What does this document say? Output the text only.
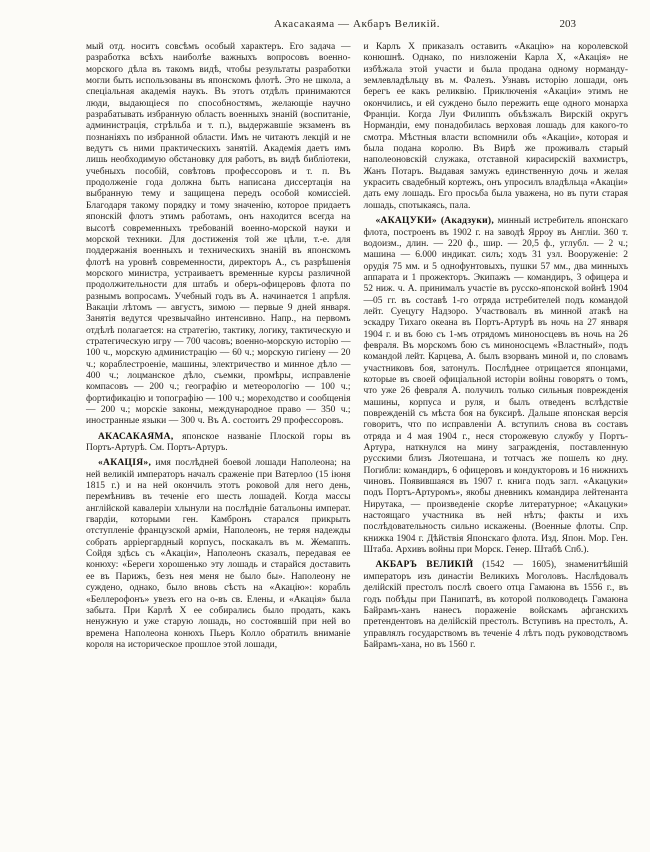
Акасакаяма — Акбаръ Великій.	203

мый отд. носитъ совсѣмъ особый характеръ. Его задача — разработка всѣхъ наиболѣе важныхъ вопросовъ военно-морского дѣла въ такомъ видѣ, чтобы результаты разработки могли быть использованы въ японскомъ флотѣ. Это не школа, а спеціальная академія наукъ. Въ этотъ отдѣлъ принимаются люди, выдающіеся по способностямъ, желающіе научно разрабатывать избранную область военныхъ знаній (воспитаніе, администрація, стрѣльба и т. п.), выдержавшіе экзаменъ въ познаніяхъ по избранной области. Имъ не читаютъ лекцій и не ведутъ съ ними практическихъ занятій. Академія даетъ имъ лишь необходимую обстановку для работъ, въ видѣ библіотеки, учебныхъ пособій, совѣтовъ профессоровъ и т. п. Въ продолженіе года должна быть написана диссертація на выбранную тему и защищена передъ особой комиссіей. Благодаря такому порядку и тому значенію, которое придаетъ японскій флотъ этимъ работамъ, онъ находится всегда на высотѣ современныхъ требованій военно-морской науки и морской техники. Для достиженія той же цѣли, т.-е. для поддержанія военныхъ и техническихъ знаній въ японскомъ флотѣ на уровнѣ современности, директоръ А., съ разрѣшенія морского министра, устраиваетъ временные курсы различной продолжительности для штабъ и оберъ-офицеровъ флота по разнымъ вопросамъ. Учебный годъ въ А. начинается 1 апрѣля. Вакаціи лѣтомъ — августъ, зимою — первые 9 дней января. Занятія ведутся чрезвычайно интенсивно. Напр., на первомъ отдѣлѣ полагается: на стратегію, тактику, логику, тактическую и стратегическую игру — 700 часовъ; военно-морскую исторію — 100 ч., морскую администрацію — 60 ч.; морскую гигіену — 20 ч.; кораблестроеніе, машины, электричество и минное дѣло — 400 ч.; лоцманское дѣло, съемки, промѣры, исправленіе компасовъ — 200 ч.; географію и метеорологію — 100 ч.; фортификацію и топографію — 100 ч.; мореходство и сообщенія — 200 ч.; морскіе законы, международное право — 350 ч.; иностранные языки — 300 ч. Въ А. состоитъ 29 профессоровъ.

АКАСАКАЯМА, японское названіе Плоской горы въ Портъ-Артурѣ. См. Портъ-Артуръ.

«АКАЦІЯ», имя послѣдней боевой лошади Наполеона; на ней великій императоръ началъ сраженіе при Ватерлоо (15 іюня 1815 г.) и на ней окончилъ этотъ роковой для него день, перемѣнивъ въ теченіе его шесть лошадей. Когда массы англійской кавалеріи хлынули на послѣдніе батальоны императ. гвардіи, которыми ген. Камбронъ старался прикрыть отступленіе французской арміи, Наполеонъ, не теряя надежды собрать арріергардный корпусъ, поскакалъ въ м. Жемаппъ. Сойдя здѣсь съ «Акаціи», Наполеонъ сказалъ, передавая ее конюху: «Береги хорошенько эту лошадь и старайся доставить ее въ Парижъ, безъ нея меня не было бы». Наполеону не суждено, однако, было вновь сѣсть на «Акацію»: корабль «Беллерофонъ» увезъ его на о-въ св. Елены, и «Акація» была забыта. При Карлѣ X ее собирались было продать, какъ ненужную и уже старую лошадь, но состоявшій при ней во времена Наполеона конюхъ Пьеръ Колло обратилъ вниманіе короля на историческое прошлое этой лошади,

и Карлъ X приказалъ оставить «Акацію» на королевской конюшнѣ. Однако, по низложеніи Карла X, «Акація» не избѣжала этой участи и была продана одному норманду-землевладѣльцу въ м. Фалезъ. Узнавъ исторію лошади, онъ берегъ ее какъ реликвію. Приключенія «Акаціи» этимъ не окончились, и ей суждено было пережить еще одного монарха Франціи. Когда Луи Филиппъ объѣзжалъ Вирскій округъ Нормандіи, ему понадобилась верховая лошадь для какого-то смотра. Мѣстныя власти вспомнили объ «Акаціи», которая и была подана королю. Въ Вирѣ же проживалъ старый наполеоновскій служака, отставной кирасирскій вахмистръ, Жанъ Потаръ. Выдавая замужъ единственную дочь и желая украсить свадебный кортежъ, онъ упросилъ владѣльца «Акаціи» дать ему лошадь. Его просьба была уважена, но въ пути старая лошадь, спотыкаясь, пала.

«АКАЦУКИ» (Акадзуки), минный истребитель японскаго флота, построенъ въ 1902 г. на заводѣ Ярроу въ Англіи. 360 т. водоизм., длин. — 220 ф., шир. — 20,5 ф., углубл. — 2 ч.; машина — 6.000 индикат. силъ; ходъ 31 узл. Вооруженіе: 2 орудія 75 мм. и 5 однофунтовыхъ, пушки 57 мм., два минныхъ аппарата и 1 прожекторъ. Экипажъ — командиръ, 3 офицера и 52 ниж. ч. А. принималъ участіе въ русско-японской войнѣ 1904—05 гг. въ составѣ 1-го отряда истребителей подъ командой лейт. Суецугу Надзоро. Участвовалъ въ минной атакѣ на эскадру Тихаго океана въ Портъ-Артурѣ въ ночь на 27 января 1904 г. и въ бою съ 1-мъ отрядомъ миноносцевъ въ ночь на 26 февраля. Въ морскомъ бою съ миноносцемъ «Властный», подъ командой лейт. Карцева, А. былъ взорванъ миной и, по словамъ участниковъ боя, затонулъ. Послѣднее отрицается японцами, которые въ своей офиціальной исторіи войны говорятъ о томъ, что уже 26 февраля А. получилъ только сильныя поврежденія машины, корпуса и руля, и былъ отведенъ вслѣдствіе поврежденій съ мѣста боя на буксирѣ. Дальше японская версія говоритъ, что по исправленіи А. вступилъ снова въ составъ отряда и 4 мая 1904 г., неся сторожевую службу у Портъ-Артура, наткнулся на мину загражденія, поставленную русскими близъ Ляотешана, и тотчасъ же пошелъ ко дну. Погибли: командиръ, 6 офицеровъ и кондукторовъ и 16 нижнихъ чиновъ. Появившаяся въ 1907 г. книга подъ загл. «Акацуки» подъ Портъ-Артуромъ», якобы дневникъ командира лейтенанта Нирутака, — произведеніе скорѣе литературное; «Акацуки» настоящаго участника въ ней нѣтъ; факты и ихъ послѣдовательность сильно искажены. (Военные флоты. Спр. книжка 1904 г. Дѣйствія Японскаго флота. Изд. Япон. Мор. Ген. Штаба. Архивъ войны при Морск. Генер. Штабѣ Спб.).

АКБАРЪ ВЕЛИКІЙ (1542 — 1605), знаменитѣйшій императоръ изъ династіи Великихъ Моголовъ. Наслѣдовалъ делійскій престолъ послѣ своего отца Гамаюна въ 1556 г., въ годъ побѣды при Панипатѣ, въ которой полководецъ Гамаюна Байрамъ-ханъ нанесъ пораженіе войскамъ афганскихъ претендентовъ на делійскій престолъ. Вступивъ на престолъ, А. управлялъ государствомъ въ теченіе 4 лѣтъ подъ руководствомъ Байрамъ-хана, но въ 1560 г.
